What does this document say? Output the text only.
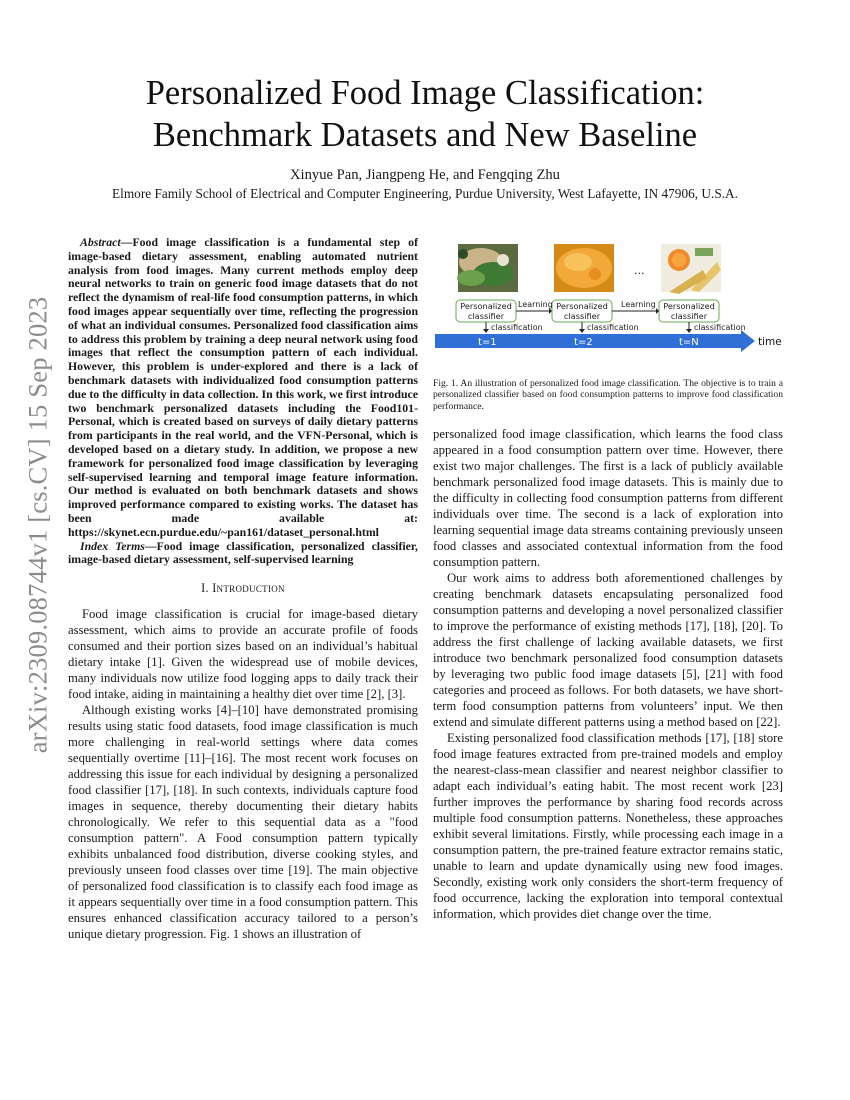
arXiv:2309.08744v1 [cs.CV] 15 Sep 2023
Personalized Food Image Classification:
Benchmark Datasets and New Baseline
Xinyue Pan, Jiangpeng He, and Fengqing Zhu
Elmore Family School of Electrical and Computer Engineering, Purdue University, West Lafayette, IN 47906, U.S.A.

Abstract—Food image classification is a fundamental step of image-based dietary assessment, enabling automated nutrient analysis from food images. Many current methods employ deep neural networks to train on generic food image datasets that do not reflect the dynamism of real-life food consumption patterns, in which food images appear sequentially over time, reflecting the progression of what an individual consumes. Personalized food classification aims to address this problem by training a deep neural network using food images that reflect the consumption pattern of each individual. However, this problem is under-explored and there is a lack of benchmark datasets with individualized food consumption patterns due to the difficulty in data collection. In this work, we first introduce two benchmark personalized datasets including the Food101-Personal, which is created based on surveys of daily dietary patterns from participants in the real world, and the VFN-Personal, which is developed based on a dietary study. In addition, we propose a new framework for personalized food image classification by leveraging self-supervised learning and temporal image feature information. Our method is evaluated on both benchmark datasets and shows improved performance compared to existing works. The dataset has been made available at: https://skynet.ecn.purdue.edu/~pan161/dataset_personal.html

Index Terms—Food image classification, personalized classifier, image-based dietary assessment, self-supervised learning

I. Introduction

Food image classification is crucial for image-based dietary assessment, which aims to provide an accurate profile of foods consumed and their portion sizes based on an individual’s habitual dietary intake [1]. Given the widespread use of mobile devices, many individuals now utilize food logging apps to daily track their food intake, aiding in maintaining a healthy diet over time [2], [3].

Although existing works [4]–[10] have demonstrated promising results using static food datasets, food image classification is much more challenging in real-world settings where data comes sequentially overtime [11]–[16]. The most recent work focuses on addressing this issue for each individual by designing a personalized food classifier [17], [18]. In such contexts, individuals capture food images in sequence, thereby documenting their dietary habits chronologically. We refer to this sequential data as a "food consumption pattern". A Food consumption pattern typically exhibits unbalanced food distribution, diverse cooking styles, and previously unseen food classes over time [19]. The main objective of personalized food classification is to classify each food image as it appears sequentially over time in a food consumption pattern. This ensures enhanced classification accuracy tailored to a person’s unique dietary progression. Fig. 1 shows an illustration of

...
Personalized classifier
Personalized classifier
Personalized classifier
Learning	Learning
classification	classification	classification
t=1	t=2	t=N	time
Fig. 1. An illustration of personalized food image classification. The objective is to train a personalized classifier based on food consumption patterns to improve food classification performance.

personalized food image classification, which learns the food class appeared in a food consumption pattern over time. However, there exist two major challenges. The first is a lack of publicly available benchmark personalized food image datasets. This is mainly due to the difficulty in collecting food consumption patterns from different individuals over time. The second is a lack of exploration into learning sequential image data streams containing previously unseen food classes and associated contextual information from the food consumption pattern.

Our work aims to address both aforementioned challenges by creating benchmark datasets encapsulating personalized food consumption patterns and developing a novel personalized classifier to improve the performance of existing methods [17], [18], [20]. To address the first challenge of lacking available datasets, we first introduce two benchmark personalized food consumption datasets by leveraging two public food image datasets [5], [21] with food categories and proceed as follows. For both datasets, we have short-term food consumption patterns from volunteers’ input. We then extend and simulate different patterns using a method based on [22].

Existing personalized food classification methods [17], [18] store food image features extracted from pre-trained models and employ the nearest-class-mean classifier and nearest neighbor classifier to adapt each individual’s eating habit. The most recent work [23] further improves the performance by sharing food records across multiple food consumption patterns. Nonetheless, these approaches exhibit several limitations. Firstly, while processing each image in a consumption pattern, the pre-trained feature extractor remains static, unable to learn and update dynamically using new food images. Secondly, existing work only considers the short-term frequency of food occurrence, lacking the exploration into temporal contextual information, which provides diet change over the time.
